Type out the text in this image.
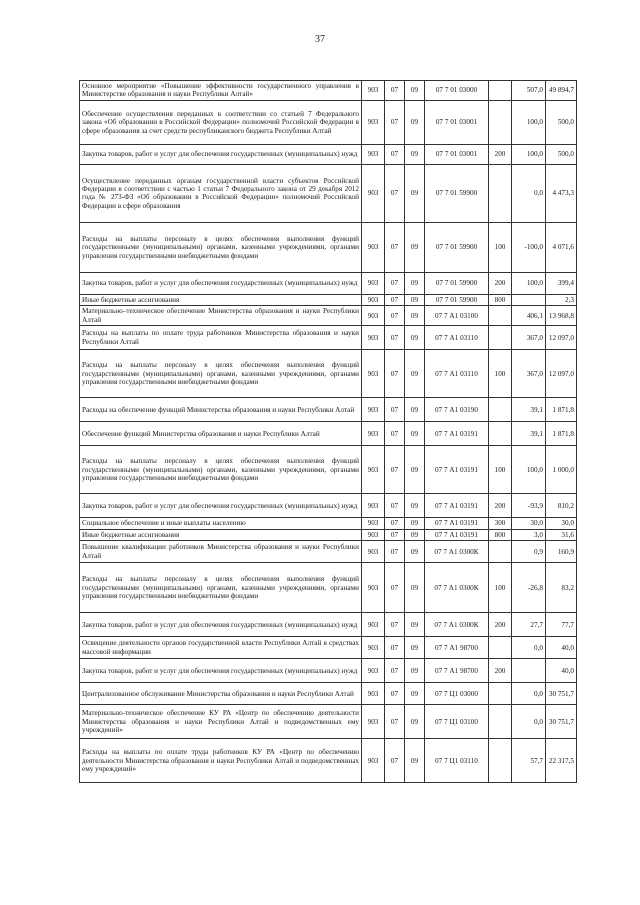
37
Основное мероприятие «Повышение эффективности государственного управления в Министерстве образования и науки Республики Алтай»	903	07	09	07 7 01 03000		507,0	49 894,7
Обеспечение осуществления переданных в соответствии со статьей 7 Федерального закона «Об образовании в Российской Федерации» полномочий Российской Федерации в сфере образования за счет средств республиканского бюджета Республики Алтай	903	07	09	07 7 01 03001		100,0	500,0
Закупка товаров, работ и услуг для обеспечения государственных (муниципальных) нужд	903	07	09	07 7 01 03001	200	100,0	500,0
Осуществление переданных органам государственной власти субъектов Российской Федерации в соответствии с частью 1 статьи 7 Федерального закона от 29 декабря 2012 года № 273-ФЗ «Об образовании в Российской Федерации» полномочий Российской Федерации в сфере образования	903	07	09	07 7 01 59900		0,0	4 473,3
Расходы на выплаты персоналу в целях обеспечения выполнения функций государственными (муниципальными) органами, казенными учреждениями, органами управления государственными внебюджетными фондами	903	07	09	07 7 01 59900	100	-100,0	4 071,6
Закупка товаров, работ и услуг для обеспечения государственных (муниципальных) нужд	903	07	09	07 7 01 59900	200	100,0	399,4
Иные бюджетные ассигнования	903	07	09	07 7 01 59900	800		2,3
Материально–техническое обеспечение Министерства образования и науки Республики Алтай	903	07	09	07 7 А1 03100		406,1	13 968,8
Расходы на выплаты по оплате труда работников Министерства образования и науки Республики Алтай	903	07	09	07 7 А1 03110		367,0	12 097,0
Расходы на выплаты персоналу в целях обеспечения выполнения функций государственными (муниципальными) органами, казенными учреждениями, органами управления государственными внебюджетными фондами	903	07	09	07 7 А1 03110	100	367,0	12 097,0
Расходы на обеспечение функций Министерства образования и науки Республики Алтай	903	07	09	07 7 А1 03190		39,1	1 871,8
Обеспечение функций Министерства образования и науки Республики Алтай	903	07	09	07 7 А1 03191		39,1	1 871,8
Расходы на выплаты персоналу в целях обеспечения выполнения функций государственными (муниципальными) органами, казенными учреждениями, органами управления государственными внебюджетными фондами	903	07	09	07 7 А1 03191	100	100,0	1 000,0
Закупка товаров, работ и услуг для обеспечения государственных (муниципальных) нужд	903	07	09	07 7 А1 03191	200	-93,9	810,2
Социальное обеспечение и иные выплаты населению	903	07	09	07 7 А1 03191	300	30,0	30,0
Иные бюджетные ассигнования	903	07	09	07 7 А1 03191	800	3,0	31,6
Повышение квалификации работников Министерства образования и науки Республики Алтай	903	07	09	07 7 А1 0300К		0,9	160,9
Расходы на выплаты персоналу в целях обеспечения выполнения функций государственными (муниципальными) органами, казенными учреждениями, органами управления государственными внебюджетными фондами	903	07	09	07 7 А1 0300К	100	-26,8	83,2
Закупка товаров, работ и услуг для обеспечения государственных (муниципальных) нужд	903	07	09	07 7 А1 0300К	200	27,7	77,7
Освещение деятельности органов государственной власти Республики Алтай в средствах массовой информации	903	07	09	07 7 А1 98700		0,0	40,0
Закупка товаров, работ и услуг для обеспечения государственных (муниципальных) нужд	903	07	09	07 7 А1 98700	200		40,0
Централизованное обслуживание Министерства образования и науки Республики Алтай	903	07	09	07 7 Ц1 03000		0,0	30 751,7
Материально-техническое обеспечение КУ РА «Центр по обеспечению деятельности Министерства образования и науки Республики Алтай и подведомственных ему учреждений»	903	07	09	07 7 Ц1 03100		0,0	30 751,7
Расходы на выплаты по оплате труда работников КУ РА «Центр по обеспечению деятельности Министерства образования и науки Республики Алтай и подведомственных ему учреждений»	903	07	09	07 7 Ц1 03110		57,7	22 317,5
